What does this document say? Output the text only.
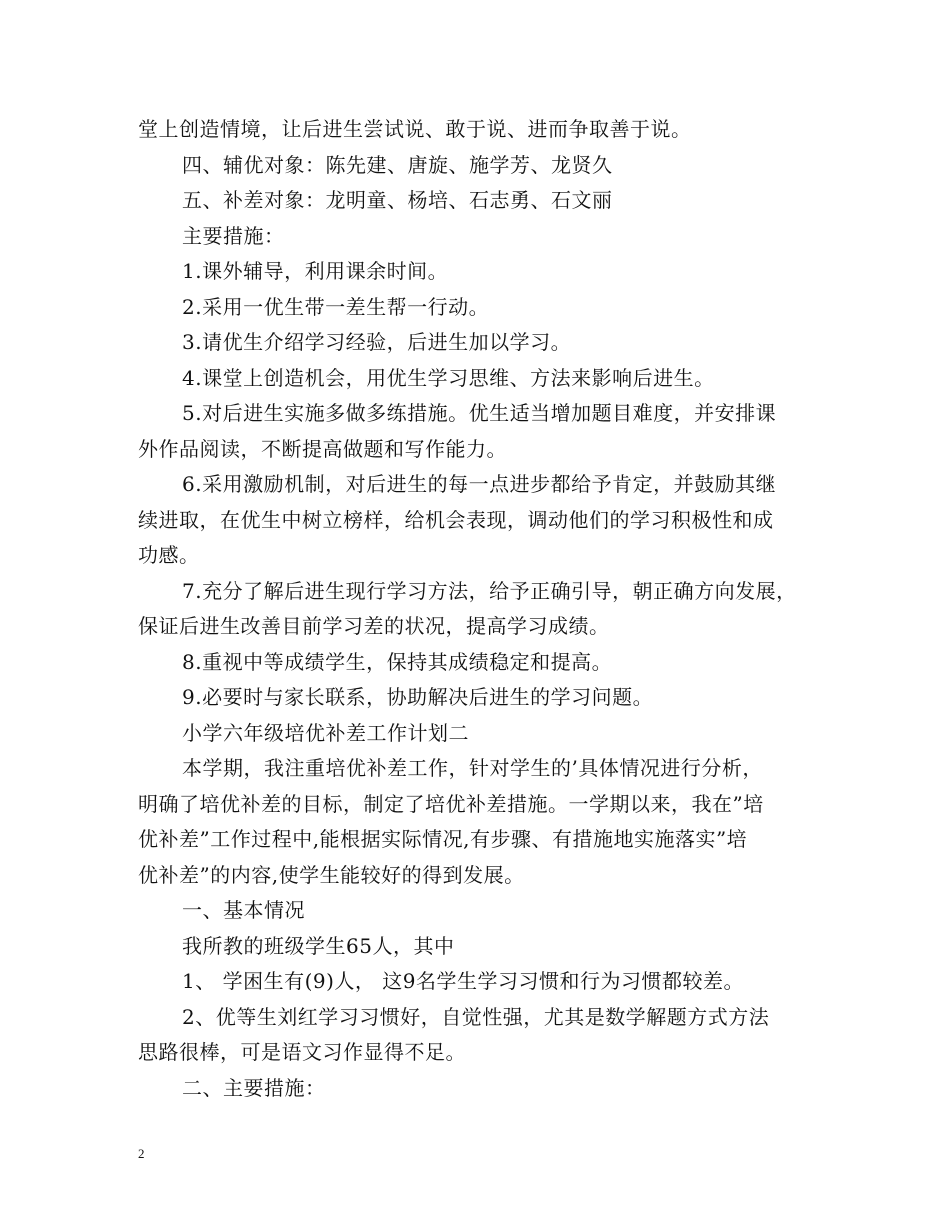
堂上创造情境，让后进生尝试说、敢于说、进而争取善于说。
四、辅优对象：陈先建、唐旋、施学芳、龙贤久
五、补差对象：龙明童、杨培、石志勇、石文丽
主要措施：
1.课外辅导，利用课余时间。
2.采用一优生带一差生帮一行动。
3.请优生介绍学习经验，后进生加以学习。
4.课堂上创造机会，用优生学习思维、方法来影响后进生。
5.对后进生实施多做多练措施。优生适当增加题目难度，并安排课
外作品阅读，不断提高做题和写作能力。
6.采用激励机制，对后进生的每一点进步都给予肯定，并鼓励其继
续进取，在优生中树立榜样，给机会表现，调动他们的学习积极性和成
功感。
7.充分了解后进生现行学习方法，给予正确引导，朝正确方向发展，
保证后进生改善目前学习差的状况，提高学习成绩。
8.重视中等成绩学生，保持其成绩稳定和提高。
9.必要时与家长联系，协助解决后进生的学习问题。
小学六年级培优补差工作计划二
本学期，我注重培优补差工作，针对学生的’具体情况进行分析，
明确了培优补差的目标，制定了培优补差措施。一学期以来，我在”培
优补差”工作过程中,能根据实际情况,有步骤、有措施地实施落实”培
优补差”的内容,使学生能较好的得到发展。
一、基本情况
我所教的班级学生65人，其中
1、 学困生有(9)人， 这9名学生学习习惯和行为习惯都较差。
2、优等生刘红学习习惯好，自觉性强，尤其是数学解题方式方法
思路很棒，可是语文习作显得不足。
二、主要措施：
2
